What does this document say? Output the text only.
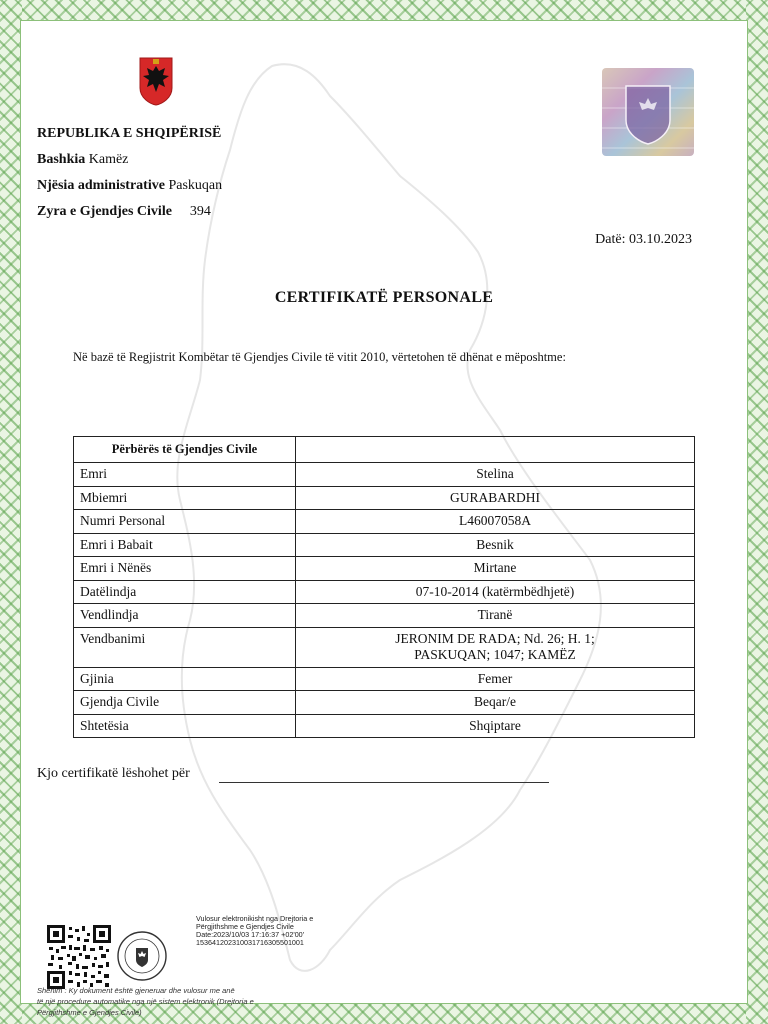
REPUBLIKA E SHQIPËRISË
Bashkia Kamëz
Njësia administrative Paskuqan
Zyra e Gjendjes Civile 394
Datë: 03.10.2023
CERTIFIKATË PERSONALE
Në bazë të Regjistrit Kombëtar të Gjendjes Civile të vitit 2010, vërtetohen të dhënat e mëposhtme:
Përbërës të Gjendjes Civile	
Emri	Stelina
Mbiemri	GURABARDHI
Numri Personal	L46007058A
Emri i Babait	Besnik
Emri i Nënës	Mirtane
Datëlindja	07-10-2014 (katërmbëdhjetë)
Vendlindja	Tiranë
Vendbanimi	JERONIM DE RADA; Nd. 26; H. 1;
PASKUQAN; 1047; KAMËZ

Gjinia	Femer
Gjendja Civile	Beqar/e
Shtetësia	Shqiptare
Kjo certifikatë lëshohet për
Vulosur elektronikisht nga Drejtoria e
Përgjithshme e Gjendjes Civile
Date:2023/10/03 17:16:37 +02'00'
15364120231003171630550100​1
Shënim : Ky dokument është gjeneruar dhe vulosur me anë
të një procedure automatike nga një sistem elektronik (Drejtoria e
Përgjithshme e Gjendjes Civile)
